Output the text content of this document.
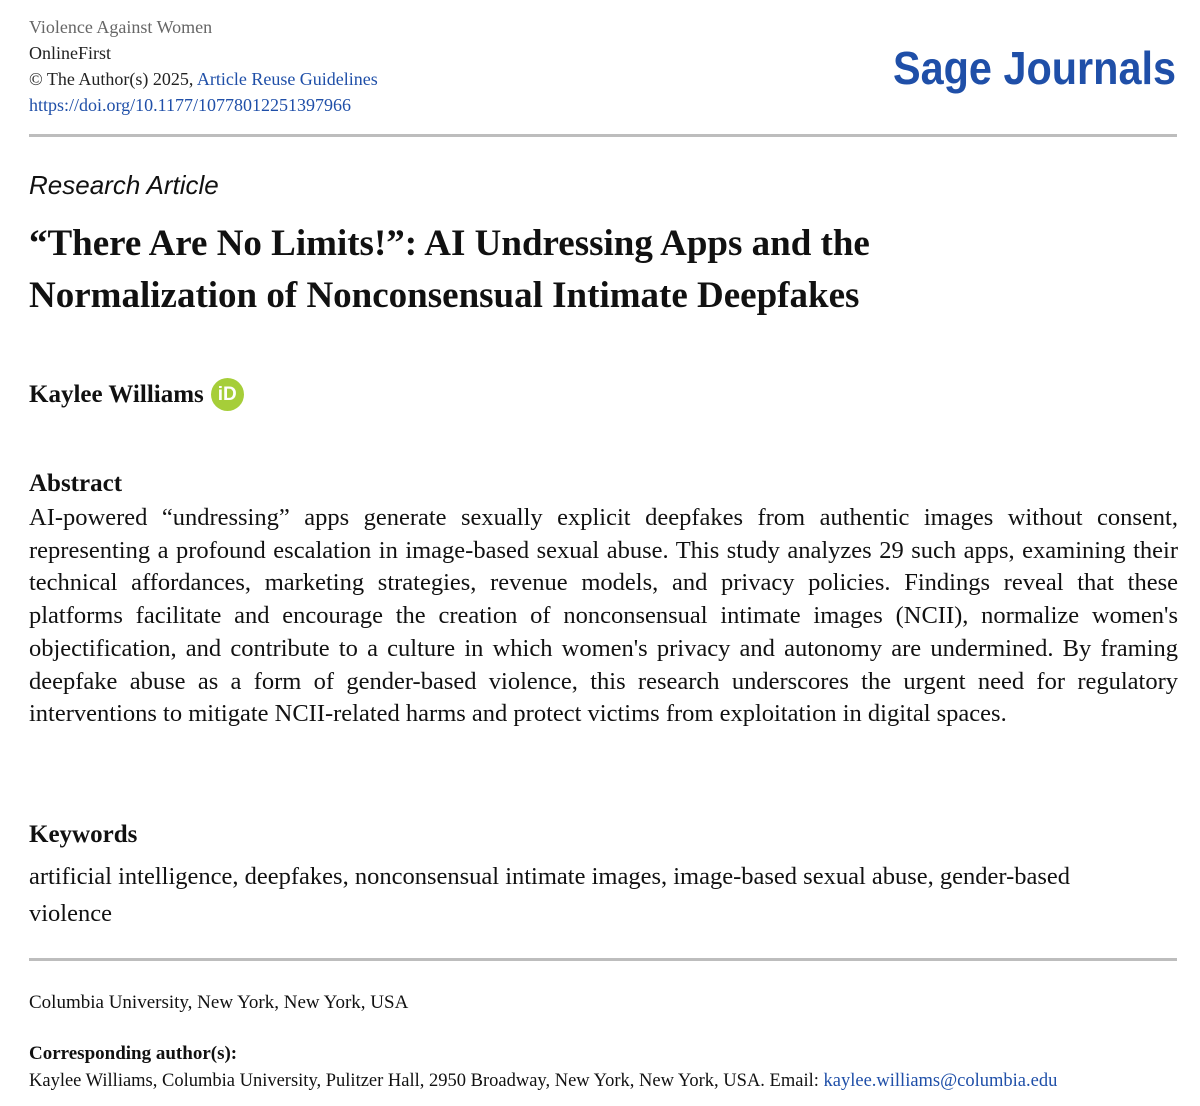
Violence Against Women
OnlineFirst
© The Author(s) 2025, Article Reuse Guidelines
https://doi.org/10.1177/10778012251397966
Sage Journals
Research Article
“There Are No Limits!”: AI Undressing Apps and the
Normalization of Nonconsensual Intimate Deepfakes
Kaylee Williams iD
Abstract

AI-powered “undressing” apps generate sexually explicit deepfakes from authentic images without consent, representing a profound escalation in image-based sexual abuse. This study analyzes 29 such apps, examining their technical affordances, marketing strategies, revenue models, and privacy policies. Findings reveal that these platforms facilitate and encourage the creation of nonconsensual intimate images (NCII), normalize women's objectification, and contribute to a culture in which women's privacy and autonomy are undermined. By framing deepfake abuse as a form of gender-based violence, this research underscores the urgent need for regulatory interventions to mitigate NCII-related harms and protect victims from exploitation in digital spaces.

Keywords

artificial intelligence, deepfakes, nonconsensual intimate images, image-based sexual abuse, gender-based violence

Columbia University, New York, New York, USA
Corresponding author(s):
Kaylee Williams, Columbia University, Pulitzer Hall, 2950 Broadway, New York, New York, USA. Email: kaylee.williams@columbia.edu
